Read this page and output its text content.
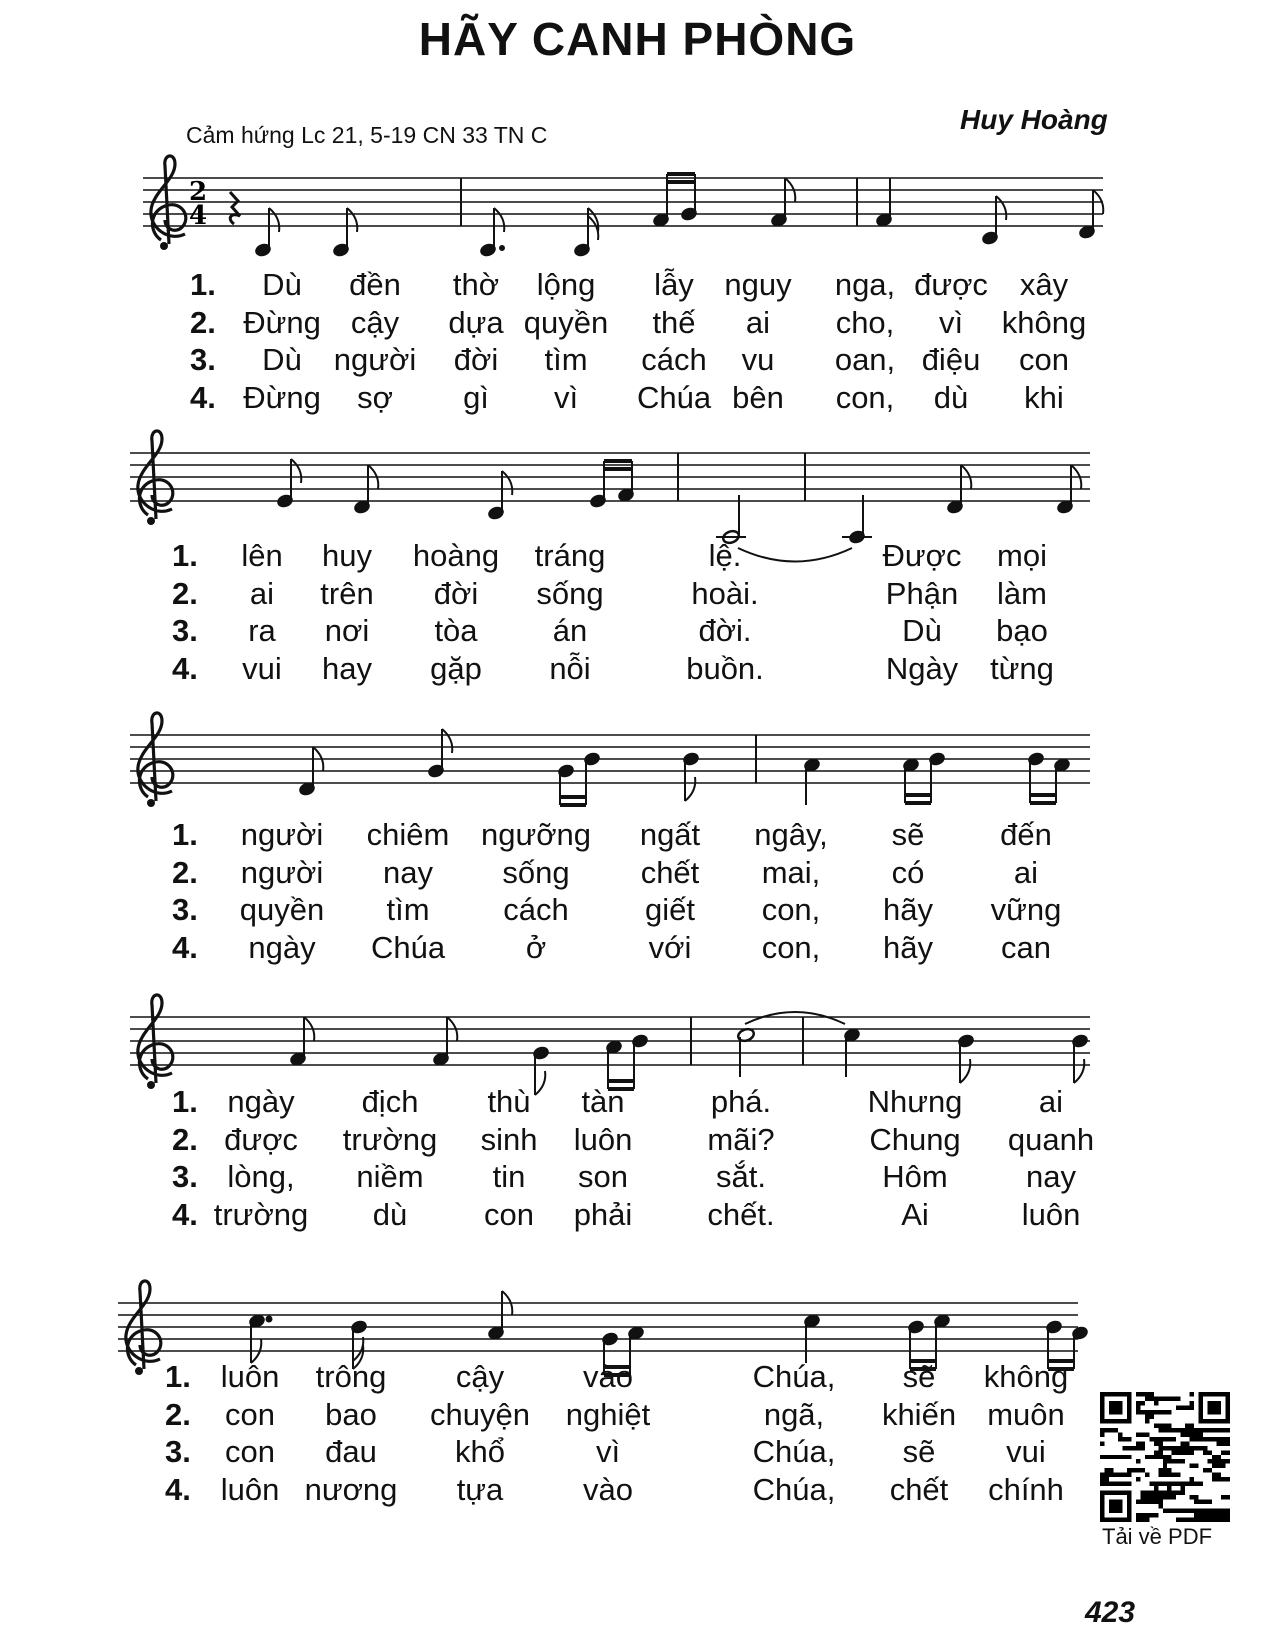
HÃY CANH PHÒNG
Huy Hoàng
Cảm hứng Lc 21, 5-19 CN 33 TN C
2
4
1. Dù đền thờ lộng lẫy nguy nga, được xây
2. Đừng cậy dựa quyền thế ai cho, vì không
3. Dù người đời tìm cách vu oan, điệu con
4. Đừng sợ gì vì Chúa bên con, dù khi
1. lên huy hoàng tráng	lệ.	Được mọi
2. ai trên đời sống	hoài.	Phận làm
3. ra nơi tòa án	đời.	Dù bạo
4. vui hay gặp nỗi	buồn.	Ngày từng
1. người chiêm ngưỡng ngất ngây, sẽ đến
2. người nay sống chết mai, có	ai
3. quyền tìm cách giết con, hãy vững
4. ngày Chúa	ở	với con, hãy can
1. ngày địch thù tàn	phá.	Nhưng ai
2. được trường sinh luôn mãi?	Chung quanh
3. lòng, niềm tin son	sắt.	Hôm	nay
4. trường dù con phải chết.	Ai	luôn
1. luôn trông cậy	vào	Chúa, sẽ không
2. con bao chuyện nghiệt	ngã, khiến muôn
3. con đau	khổ	vì	Chúa, sẽ vui
4. luôn nương tựa	vào	Chúa, chết chính
Tải về PDF
423
